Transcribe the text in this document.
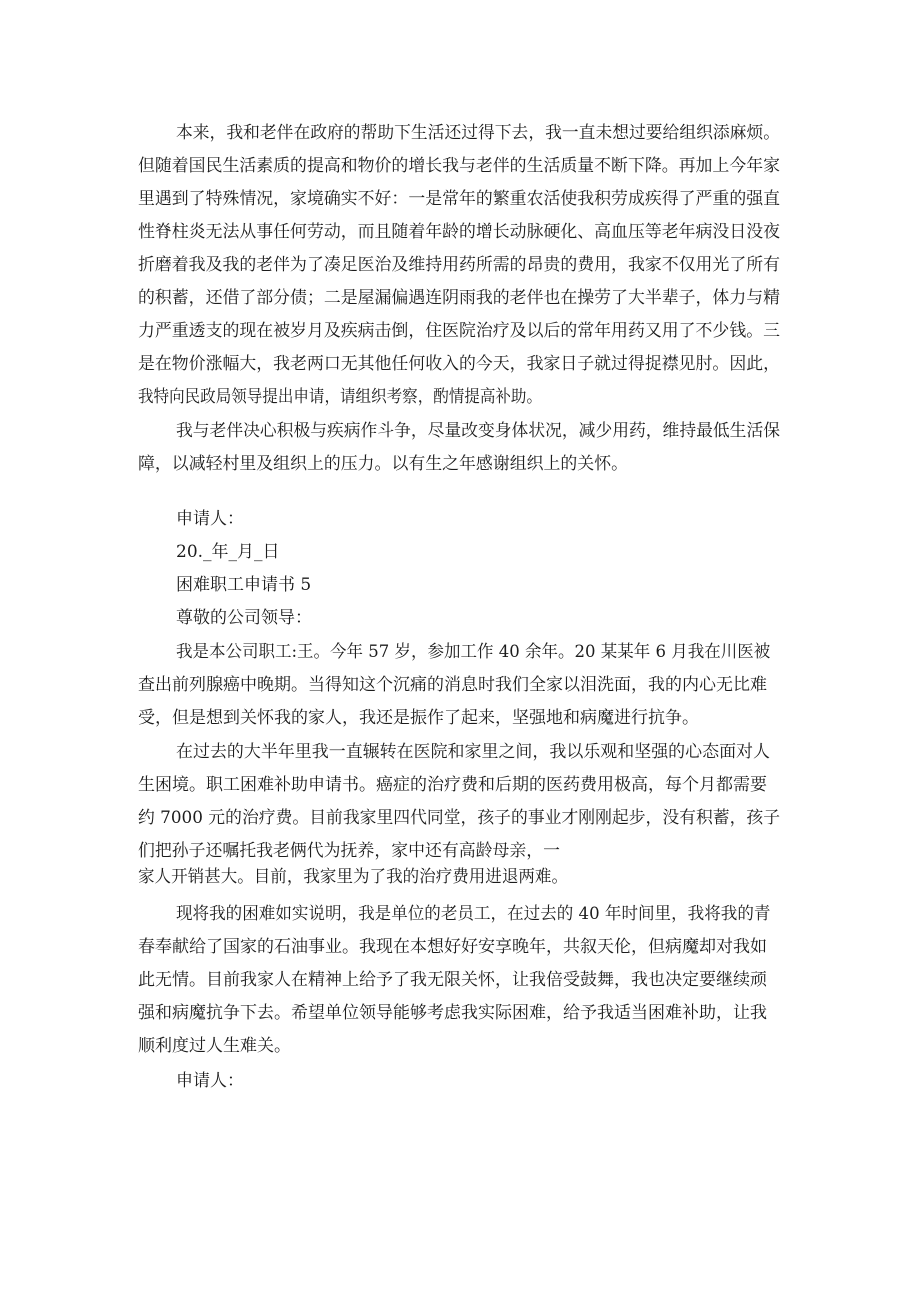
本来，我和老伴在政府的帮助下生活还过得下去，我一直未想过要给组织添麻烦。
但随着国民生活素质的提高和物价的增长我与老伴的生活质量不断下降。再加上今年家
里遇到了特殊情况，家境确实不好：一是常年的繁重农活使我积劳成疾得了严重的强直
性脊柱炎无法从事任何劳动，而且随着年龄的增长动脉硬化、高血压等老年病没日没夜
折磨着我及我的老伴为了凑足医治及维持用药所需的昂贵的费用，我家不仅用光了所有
的积蓄，还借了部分债；二是屋漏偏遇连阴雨我的老伴也在操劳了大半辈子，体力与精
力严重透支的现在被岁月及疾病击倒，住医院治疗及以后的常年用药又用了不少钱。三
是在物价涨幅大，我老两口无其他任何收入的今天，我家日子就过得捉襟见肘。因此，
我特向民政局领导提出申请，请组织考察，酌情提高补助。
我与老伴决心积极与疾病作斗争，尽量改变身体状况，减少用药，维持最低生活保
障，以减轻村里及组织上的压力。以有生之年感谢组织上的关怀。
申请人：
20._年_月_日
困难职工申请书 5
尊敬的公司领导：
我是本公司职工:王。今年 57 岁，参加工作 40 余年。20 某某年 6 月我在川医被
查出前列腺癌中晚期。当得知这个沉痛的消息时我们全家以泪洗面，我的内心无比难
受，但是想到关怀我的家人，我还是振作了起来，坚强地和病魔进行抗争。
在过去的大半年里我一直辗转在医院和家里之间，我以乐观和坚强的心态面对人
生困境。职工困难补助申请书。癌症的治疗费和后期的医药费用极高，每个月都需要
约 7000 元的治疗费。目前我家里四代同堂，孩子的事业才刚刚起步，没有积蓄，孩子
们把孙子还嘱托我老俩代为抚养，家中还有高龄母亲，一
家人开销甚大。目前，我家里为了我的治疗费用进退两难。
现将我的困难如实说明，我是单位的老员工，在过去的 40 年时间里，我将我的青
春奉献给了国家的石油事业。我现在本想好好安享晚年，共叙天伦，但病魔却对我如
此无情。目前我家人在精神上给予了我无限关怀，让我倍受鼓舞，我也决定要继续顽
强和病魔抗争下去。希望单位领导能够考虑我实际困难，给予我适当困难补助，让我
顺利度过人生难关。
申请人：
